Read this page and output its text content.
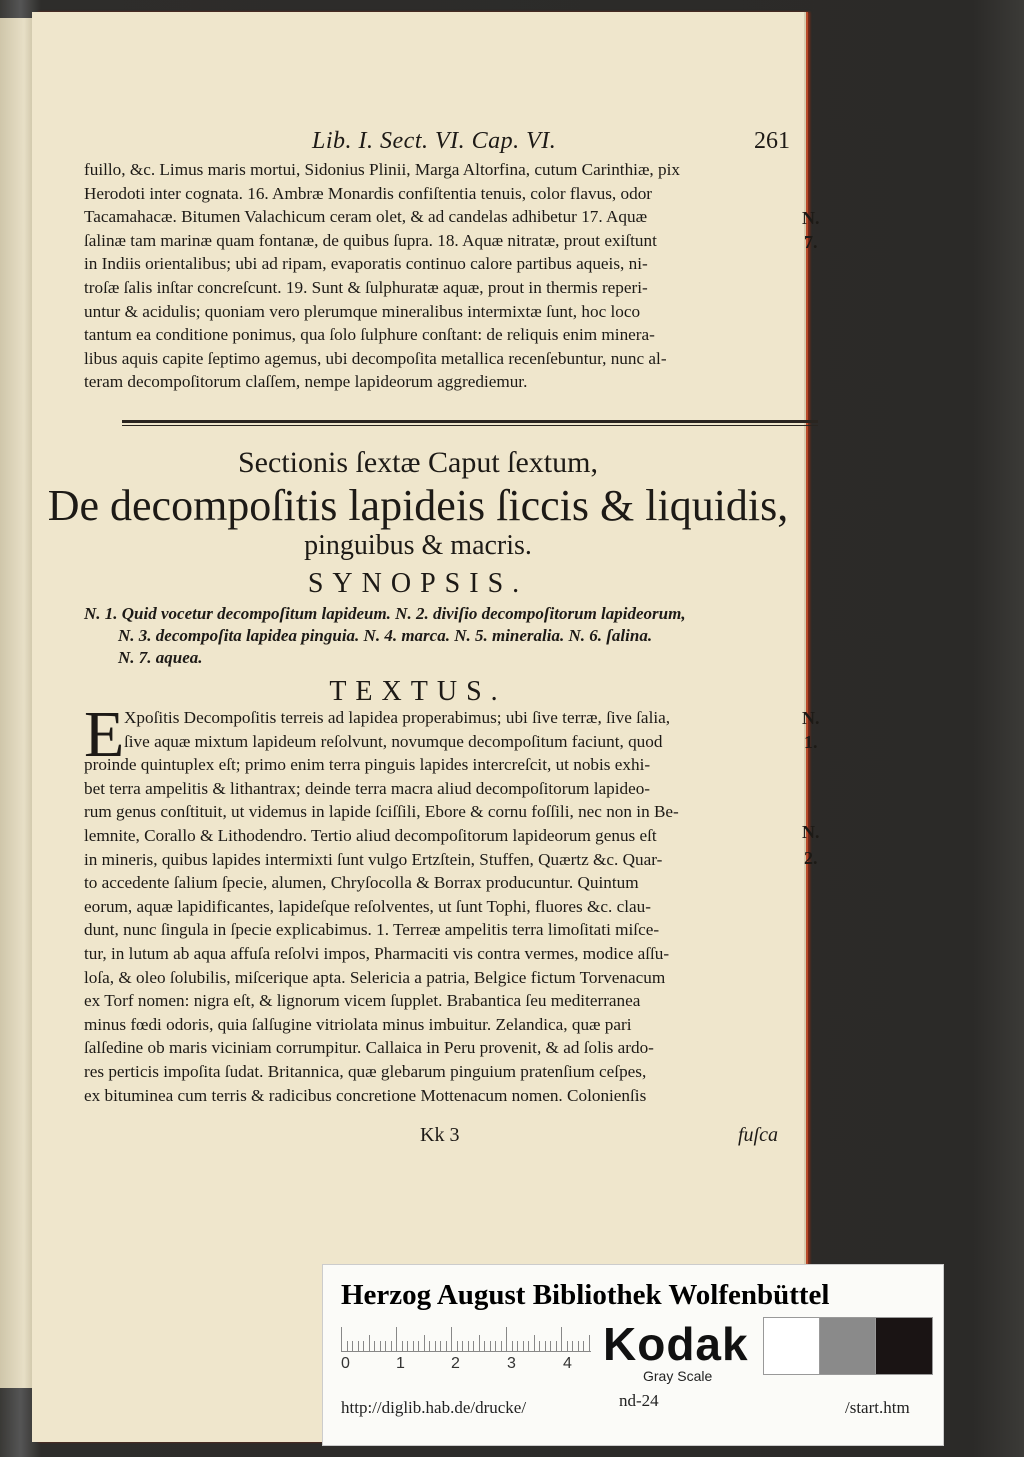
Lib. I. Sect. VI. Cap. VI.	261

fuillo, &c. Limus maris mortui, Sidonius Plinii, Marga Altorfina, cutum Carinthiæ, pix
Herodoti inter cognata. 16. Ambræ Monardis confiſtentia tenuis, color flavus, odor
Tacamahacæ. Bitumen Valachicum ceram olet, & ad candelas adhibetur 17. Aquæ
ſalinæ tam marinæ quam fontanæ, de quibus ſupra. 18. Aquæ nitratæ, prout exiſtunt
in Indiis orientalibus; ubi ad ripam, evaporatis continuo calore partibus aqueis, ni-
troſæ ſalis inſtar concreſcunt. 19. Sunt & ſulphuratæ aquæ, prout in thermis reperi-
untur & acidulis; quoniam vero plerumque mineralibus intermixtæ ſunt, hoc loco
tantum ea conditione ponimus, qua ſolo ſulphure conſtant: de reliquis enim minera-
libus aquis capite ſeptimo agemus, ubi decompoſita metallica recenſebuntur, nunc al-
teram decompoſitorum claſſem, nempe lapideorum aggrediemur.

N.
7.
Sectionis ſextæ Caput ſextum,
De decompoſitis lapideis ſiccis & liquidis,
pinguibus & macris.
SYNOPSIS.
N. 1. Quid vocetur decompoſitum lapideum. N. 2. diviſio decompoſitorum lapideorum,
N. 3. decompoſita lapidea pinguia. N. 4. marca. N. 5. mineralia. N. 6. ſalina.
N. 7. aquea.
TEXTUS.
E Xpoſitis Decompoſitis terreis ad lapidea properabimus; ubi ſive terræ, ſive ſalia,
ſive aquæ mixtum lapideum reſolvunt, novumque decompoſitum faciunt, quod
proinde quintuplex eſt; primo enim terra pinguis lapides intercreſcit, ut nobis exhi-
bet terra ampelitis & lithantrax; deinde terra macra aliud decompoſitorum lapideo-
rum genus conſtituit, ut videmus in lapide ſciſſili, Ebore & cornu foſſili, nec non in Be-
lemnite, Corallo & Lithodendro. Tertio aliud decompoſitorum lapideorum genus eſt
in mineris, quibus lapides intermixti ſunt vulgo Ertzſtein, Stuffen, Quærtz &c. Quar-
to accedente ſalium ſpecie, alumen, Chryſocolla & Borrax producuntur. Quintum
eorum, aquæ lapidificantes, lapideſque reſolventes, ut ſunt Tophi, fluores &c. clau-
dunt, nunc ſingula in ſpecie explicabimus. 1. Terreæ ampelitis terra limoſitati miſce-
tur, in lutum ab aqua affuſa reſolvi impos, Pharmaciti vis contra vermes, modice aſſu-
loſa, & oleo ſolubilis, miſcerique apta. Selericia a patria, Belgice fictum Torvenacum
ex Torf nomen: nigra eſt, & lignorum vicem ſupplet. Brabantica ſeu mediterranea
minus fœdi odoris, quia ſalſugine vitriolata minus imbuitur. Zelandica, quæ pari
ſalſedine ob maris viciniam corrumpitur. Callaica in Peru provenit, & ad ſolis ardo-
res perticis impoſita ſudat. Britannica, quæ glebarum pinguium pratenſium ceſpes,
ex bituminea cum terris & radicibus concretione Mottenacum nomen. Colonienſis

N.
1.
N.
2.
Kk 3	fuſca
Herzog August Bibliothek Wolfenbüttel
0	1	2	3	4 Kodak
Gray Scale
http://diglib.hab.de/drucke/	nd-24	/start.htm
